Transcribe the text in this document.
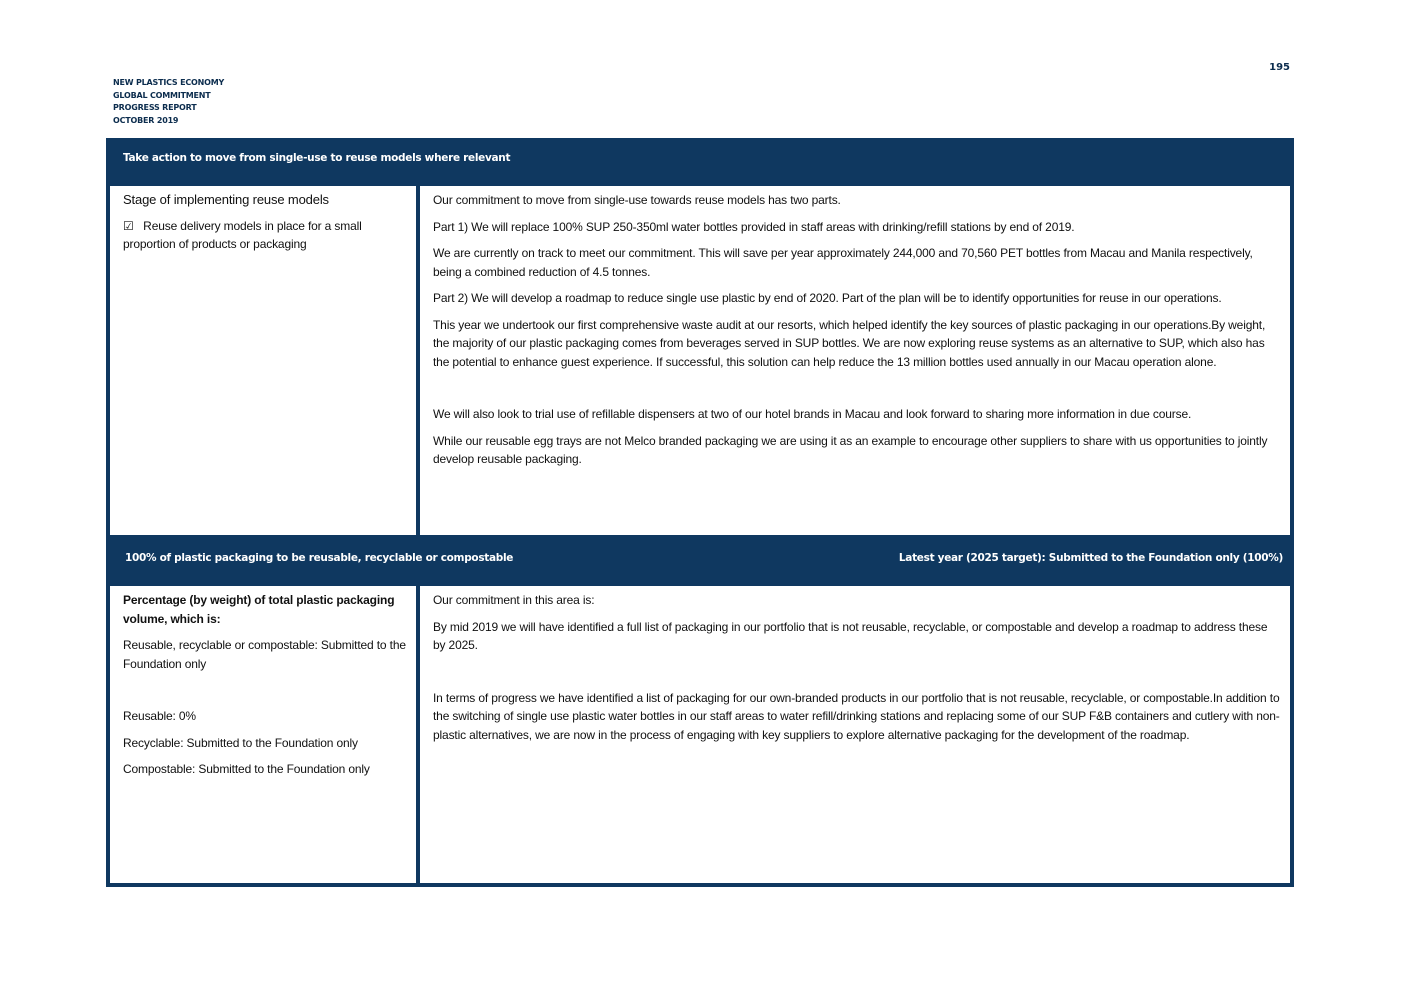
NEW PLASTICS ECONOMY
GLOBAL COMMITMENT
PROGRESS REPORT
OCTOBER 2019
195
Take action to move from single-use to reuse models where relevant
Stage of implementing reuse models
☑ Reuse delivery models in place for a small proportion of products or packaging

Our commitment to move from single-use towards reuse models has two parts.

Part 1) We will replace 100% SUP 250-350ml water bottles provided in staff areas with drinking/refill stations by end of 2019.

We are currently on track to meet our commitment. This will save per year approximately 244,000 and 70,560 PET bottles from Macau and Manila respectively, being a combined reduction of 4.5 tonnes.

Part 2) We will develop a roadmap to reduce single use plastic by end of 2020. Part of the plan will be to identify opportunities for reuse in our operations.

This year we undertook our first comprehensive waste audit at our resorts, which helped identify the key sources of plastic packaging in our operations.By weight, the majority of our plastic packaging comes from beverages served in SUP bottles. We are now exploring reuse systems as an alternative to SUP, which also has the potential to enhance guest experience. If successful, this solution can help reduce the 13 million bottles used annually in our Macau operation alone.

We will also look to trial use of refillable dispensers at two of our hotel brands in Macau and look forward to sharing more information in due course.

While our reusable egg trays are not Melco branded packaging we are using it as an example to encourage other suppliers to share with us opportunities to jointly develop reusable packaging.

100% of plastic packaging to be reusable, recyclable or compostable	Latest year (2025 target): Submitted to the Foundation only (100%)

Percentage (by weight) of total plastic packaging volume, which is:

Reusable, recyclable or compostable: Submitted to the Foundation only

Reusable: 0%

Recyclable: Submitted to the Foundation only

Compostable: Submitted to the Foundation only

Our commitment in this area is:

By mid 2019 we will have identified a full list of packaging in our portfolio that is not reusable, recyclable, or compostable and develop a roadmap to address these by 2025.

In terms of progress we have identified a list of packaging for our own-branded products in our portfolio that is not reusable, recyclable, or compostable.In addition to the switching of single use plastic water bottles in our staff areas to water refill/drinking stations and replacing some of our SUP F&B containers and cutlery with non-plastic alternatives, we are now in the process of engaging with key suppliers to explore alternative packaging for the development of the roadmap.
